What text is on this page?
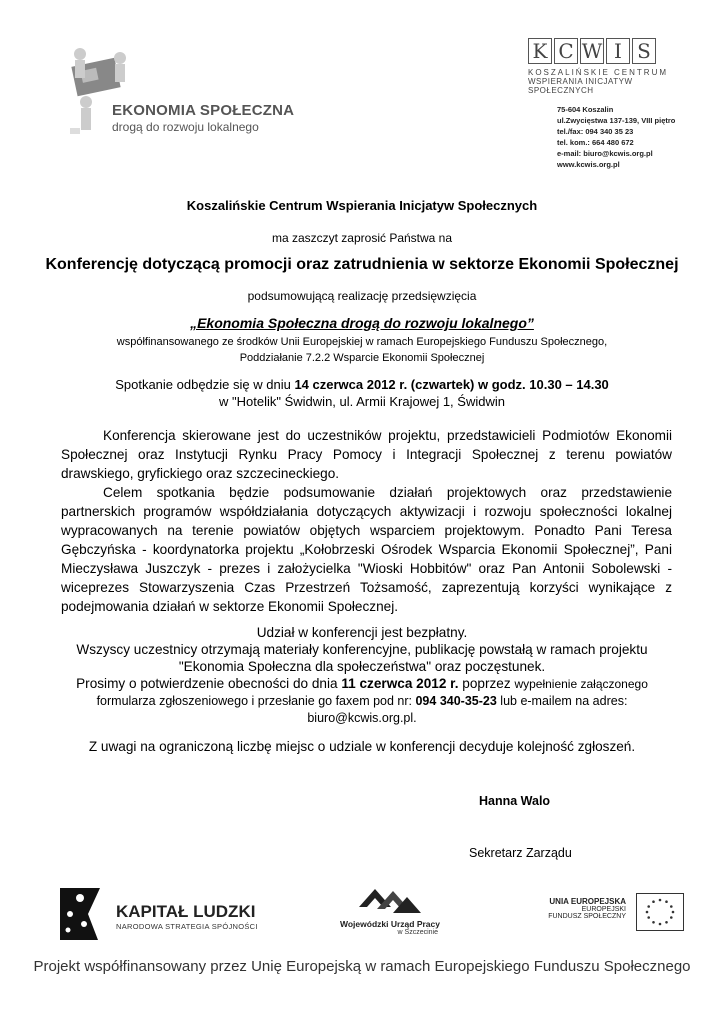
EKONOMIA SPOŁECZNA
drogą do rozwoju lokalnego
K C W I S
KOSZALIŃSKIE CENTRUM
WSPIERANIA INICJATYW SPOŁECZNYCH
75-604 Koszalin
ul.Zwycięstwa 137-139, VIII piętro
tel./fax: 094 340 35 23
tel. kom.: 664 480 672
e-mail: biuro@kcwis.org.pl
www.kcwis.org.pl
Koszalińskie Centrum Wspierania Inicjatyw Społecznych
ma zaszczyt zaprosić Państwa na
Konferencję dotyczącą promocji oraz zatrudnienia w sektorze Ekonomii Społecznej
podsumowującą realizację przedsięwzięcia
„Ekonomia Społeczna drogą do rozwoju lokalnego”
współfinansowanego ze środków Unii Europejskiej w ramach Europejskiego Funduszu Społecznego,
Poddziałanie 7.2.2 Wsparcie Ekonomii Społecznej
Spotkanie odbędzie się w dniu 14 czerwca 2012 r. (czwartek) w godz. 10.30 – 14.30
w "Hotelik" Świdwin, ul. Armii Krajowej 1, Świdwin
Konferencja skierowane jest do uczestników projektu, przedstawicieli Podmiotów Ekonomii Społecznej oraz Instytucji Rynku Pracy Pomocy i Integracji Społecznej z terenu powiatów drawskiego, gryfickiego oraz szczecineckiego.
Celem spotkania będzie podsumowanie działań projektowych oraz przedstawienie partnerskich programów współdziałania dotyczących aktywizacji i rozwoju społeczności lokalnej wypracowanych na terenie powiatów objętych wsparciem projektowym. Ponadto Pani Teresa Gębczyńska - koordynatorka projektu „Kołobrzeski Ośrodek Wsparcia Ekonomii Społecznej”, Pani Mieczysława Juszczyk - prezes i założycielka "Wioski Hobbitów" oraz Pan Antonii Sobolewski - wiceprezes Stowarzyszenia Czas Przestrzeń Tożsamość, zaprezentują korzyści wynikające z podejmowania działań w sektorze Ekonomii Społecznej.
Udział w konferencji jest bezpłatny.
Wszyscy uczestnicy otrzymają materiały konferencyjne, publikację powstałą w ramach projektu
"Ekonomia Społeczna dla społeczeństwa" oraz poczęstunek.
Prosimy o potwierdzenie obecności do dnia 11 czerwca 2012 r. poprzez wypełnienie załączonego
formularza zgłoszeniowego i przesłanie go faxem pod nr: 094 340-35-23 lub e-mailem na adres:
biuro@kcwis.org.pl.
Z uwagi na ograniczoną liczbę miejsc o udziale w konferencji decyduje kolejność zgłoszeń.
Hanna Walo
Sekretarz Zarządu
KAPITAŁ LUDZKI
NARODOWA STRATEGIA SPÓJNOŚCI	Wojewódzki Urząd Pracy
w Szczecinie
UNIA EUROPEJSKA
EUROPEJSKI
FUNDUSZ SPOŁECZNY
Projekt współfinansowany przez Unię Europejską w ramach Europejskiego Funduszu Społecznego
